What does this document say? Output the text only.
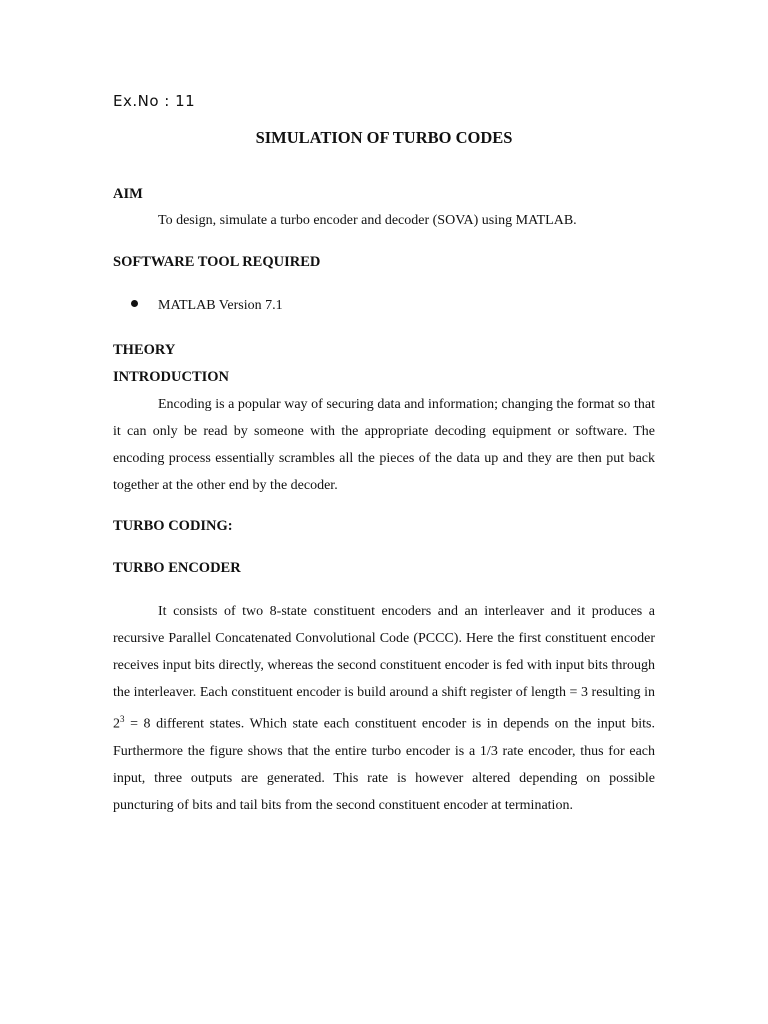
Ex.No : 11
SIMULATION OF TURBO CODES
AIM
To design, simulate a turbo encoder and decoder (SOVA) using MATLAB.
SOFTWARE TOOL REQUIRED
MATLAB Version 7.1
THEORY
INTRODUCTION
Encoding is a popular way of securing data and information; changing the format so that it can only be read by someone with the appropriate decoding equipment or software. The encoding process essentially scrambles all the pieces of the data up and they are then put back together at the other end by the decoder.
TURBO CODING:
TURBO ENCODER
It consists of two 8-state constituent encoders and an interleaver and it produces a recursive Parallel Concatenated Convolutional Code (PCCC). Here the first constituent encoder receives input bits directly, whereas the second constituent encoder is fed with input bits through the interleaver. Each constituent encoder is build around a shift register of length = 3 resulting in $2^3 = 8$ different states. Which state each constituent encoder is in depends on the input bits. Furthermore the figure shows that the entire turbo encoder is a 1/3 rate encoder, thus for each input, three outputs are generated. This rate is however altered depending on possible puncturing of bits and tail bits from the second constituent encoder at termination.
